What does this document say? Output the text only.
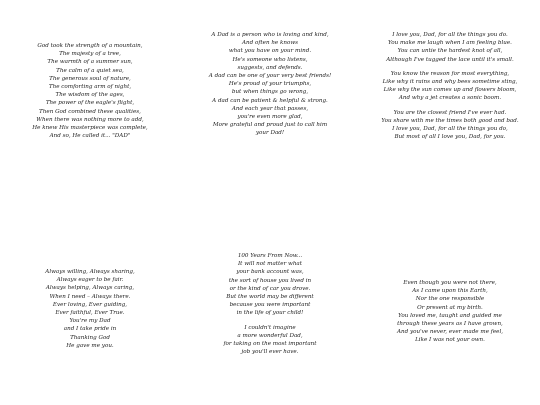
God took the strength of a mountain,
The majesty of a tree,
The warmth of a summer sun,
The calm of a quiet sea,
The generous soul of nature,
The comforting arm of night,
The wisdom of the ages,
The power of the eagle's flight,
Then God combined these qualities,
When there was nothing more to add,
He knew His masterpiece was complete,
And so, He called it... "DAD"
A Dad is a person who is loving and kind,
And often he knows
what you have on your mind.
He's someone who listens,
suggests, and defends.
A dad can be one of your very best friends!
He's proud of your triumphs,
but when things go wrong,
A dad can be patient & helpful & strong.
And each year that passes,
you're even more glad,
More grateful and proud just to call him
your Dad!
I love you, Dad, for all the things you do.
You make me laugh when I am feeling blue.
You can untie the hardest knot of all,
Although I've tugged the lace until it's small.
You know the reason for most everything,
Like why it rains and why bees sometime sting,
Like why the sun comes up and flowers bloom,
And why a jet creates a sonic boom.
You are the closest friend I've ever had.
You share with me the times both good and bad.
I love you, Dad, for all the things you do,
But most of all I love you, Dad, for you.
Always willing, Always sharing,
Always eager to be fair.
Always helping, Always caring,
When I need – Always there.
Ever loving, Ever guiding,
Ever faithful, Ever True.
You're my Dad
and I take pride in
Thanking God
He gave me you.
100 Years From Now...
It will not matter what
your bank account was,
the sort of house you lived in
or the kind of car you drove.
But the world may be different
because you were important
in the life of your child!
I couldn't imagine
a more wonderful Dad,
for taking on the most important
job you'll ever have.
Even though you were not there,
As I came upon this Earth,
Nor the one responsible
Or present at my birth.
You loved me, taught and guided me
through these years as I have grown,
And you've never, ever made me feel,
Like I was not your own.
